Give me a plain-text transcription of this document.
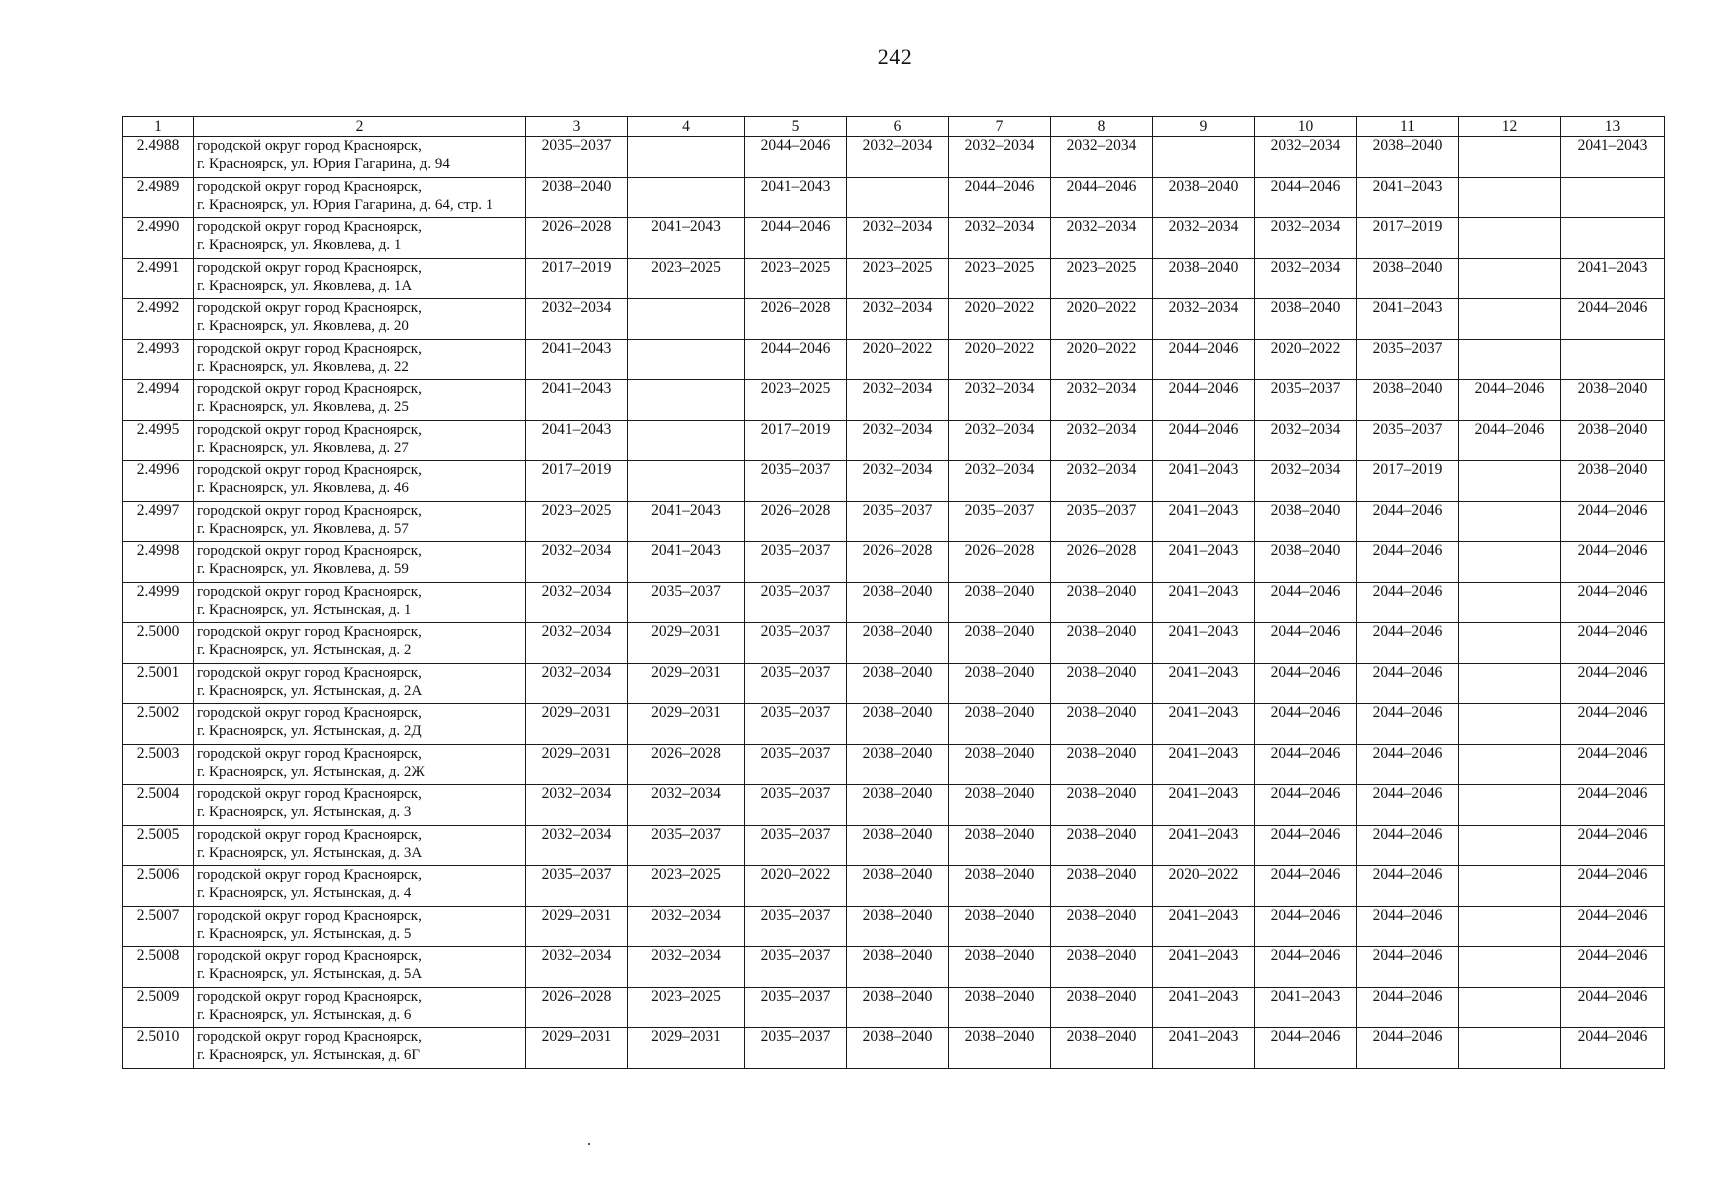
242
1	2	3	4	5	6	7	8	9	10	11	12	13
2.4988	городской округ город Красноярск,
г. Красноярск, ул. Юрия Гагарина, д. 94	2035–2037		2044–2046	2032–2034	2032–2034	2032–2034		2032–2034	2038–2040		2041–2043
2.4989	городской округ город Красноярск,
г. Красноярск, ул. Юрия Гагарина, д. 64, стр. 1	2038–2040		2041–2043		2044–2046	2044–2046	2038–2040	2044–2046	2041–2043		
2.4990	городской округ город Красноярск,
г. Красноярск, ул. Яковлева, д. 1	2026–2028	2041–2043	2044–2046	2032–2034	2032–2034	2032–2034	2032–2034	2032–2034	2017–2019		
2.4991	городской округ город Красноярск,
г. Красноярск, ул. Яковлева, д. 1А	2017–2019	2023–2025	2023–2025	2023–2025	2023–2025	2023–2025	2038–2040	2032–2034	2038–2040		2041–2043
2.4992	городской округ город Красноярск,
г. Красноярск, ул. Яковлева, д. 20	2032–2034		2026–2028	2032–2034	2020–2022	2020–2022	2032–2034	2038–2040	2041–2043		2044–2046
2.4993	городской округ город Красноярск,
г. Красноярск, ул. Яковлева, д. 22	2041–2043		2044–2046	2020–2022	2020–2022	2020–2022	2044–2046	2020–2022	2035–2037		
2.4994	городской округ город Красноярск,
г. Красноярск, ул. Яковлева, д. 25	2041–2043		2023–2025	2032–2034	2032–2034	2032–2034	2044–2046	2035–2037	2038–2040	2044–2046	2038–2040
2.4995	городской округ город Красноярск,
г. Красноярск, ул. Яковлева, д. 27	2041–2043		2017–2019	2032–2034	2032–2034	2032–2034	2044–2046	2032–2034	2035–2037	2044–2046	2038–2040
2.4996	городской округ город Красноярск,
г. Красноярск, ул. Яковлева, д. 46	2017–2019		2035–2037	2032–2034	2032–2034	2032–2034	2041–2043	2032–2034	2017–2019		2038–2040
2.4997	городской округ город Красноярск,
г. Красноярск, ул. Яковлева, д. 57	2023–2025	2041–2043	2026–2028	2035–2037	2035–2037	2035–2037	2041–2043	2038–2040	2044–2046		2044–2046
2.4998	городской округ город Красноярск,
г. Красноярск, ул. Яковлева, д. 59	2032–2034	2041–2043	2035–2037	2026–2028	2026–2028	2026–2028	2041–2043	2038–2040	2044–2046		2044–2046
2.4999	городской округ город Красноярск,
г. Красноярск, ул. Ястынская, д. 1	2032–2034	2035–2037	2035–2037	2038–2040	2038–2040	2038–2040	2041–2043	2044–2046	2044–2046		2044–2046
2.5000	городской округ город Красноярск,
г. Красноярск, ул. Ястынская, д. 2	2032–2034	2029–2031	2035–2037	2038–2040	2038–2040	2038–2040	2041–2043	2044–2046	2044–2046		2044–2046
2.5001	городской округ город Красноярск,
г. Красноярск, ул. Ястынская, д. 2А	2032–2034	2029–2031	2035–2037	2038–2040	2038–2040	2038–2040	2041–2043	2044–2046	2044–2046		2044–2046
2.5002	городской округ город Красноярск,
г. Красноярск, ул. Ястынская, д. 2Д	2029–2031	2029–2031	2035–2037	2038–2040	2038–2040	2038–2040	2041–2043	2044–2046	2044–2046		2044–2046
2.5003	городской округ город Красноярск,
г. Красноярск, ул. Ястынская, д. 2Ж	2029–2031	2026–2028	2035–2037	2038–2040	2038–2040	2038–2040	2041–2043	2044–2046	2044–2046		2044–2046
2.5004	городской округ город Красноярск,
г. Красноярск, ул. Ястынская, д. 3	2032–2034	2032–2034	2035–2037	2038–2040	2038–2040	2038–2040	2041–2043	2044–2046	2044–2046		2044–2046
2.5005	городской округ город Красноярск,
г. Красноярск, ул. Ястынская, д. 3А	2032–2034	2035–2037	2035–2037	2038–2040	2038–2040	2038–2040	2041–2043	2044–2046	2044–2046		2044–2046
2.5006	городской округ город Красноярск,
г. Красноярск, ул. Ястынская, д. 4	2035–2037	2023–2025	2020–2022	2038–2040	2038–2040	2038–2040	2020–2022	2044–2046	2044–2046		2044–2046
2.5007	городской округ город Красноярск,
г. Красноярск, ул. Ястынская, д. 5	2029–2031	2032–2034	2035–2037	2038–2040	2038–2040	2038–2040	2041–2043	2044–2046	2044–2046		2044–2046
2.5008	городской округ город Красноярск,
г. Красноярск, ул. Ястынская, д. 5А	2032–2034	2032–2034	2035–2037	2038–2040	2038–2040	2038–2040	2041–2043	2044–2046	2044–2046		2044–2046
2.5009	городской округ город Красноярск,
г. Красноярск, ул. Ястынская, д. 6	2026–2028	2023–2025	2035–2037	2038–2040	2038–2040	2038–2040	2041–2043	2041–2043	2044–2046		2044–2046
2.5010	городской округ город Красноярск,
г. Красноярск, ул. Ястынская, д. 6Г	2029–2031	2029–2031	2035–2037	2038–2040	2038–2040	2038–2040	2041–2043	2044–2046	2044–2046		2044–2046
